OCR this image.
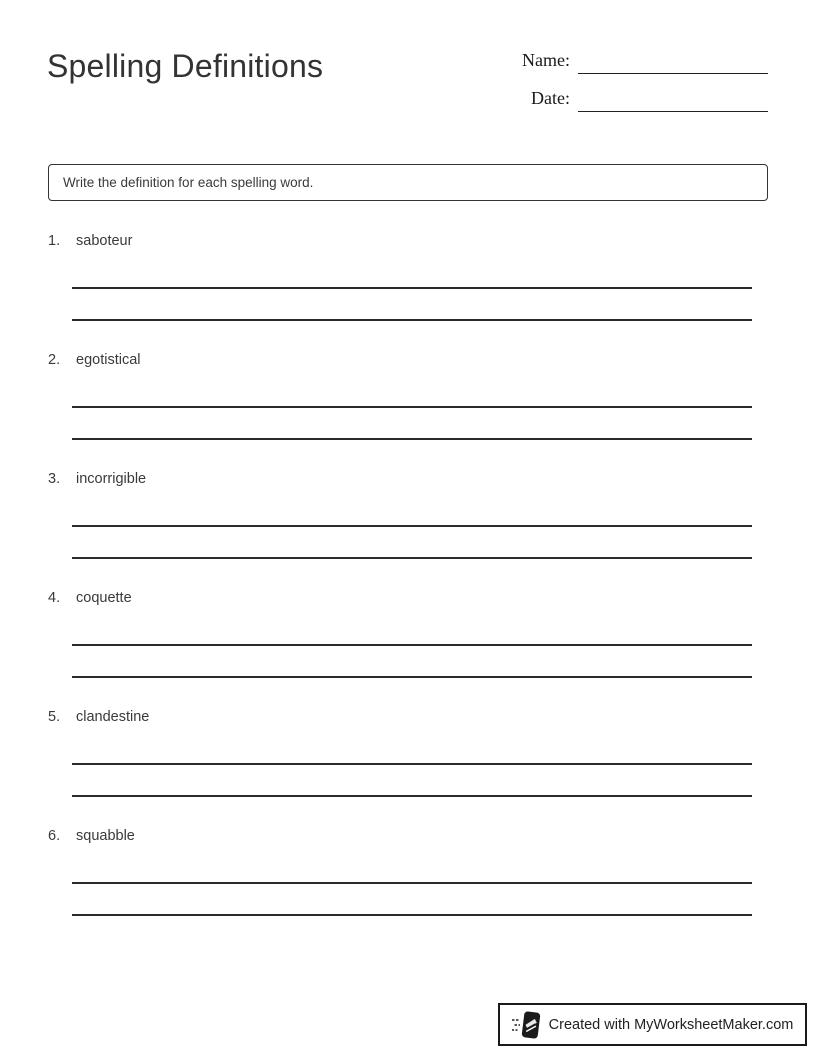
Spelling Definitions	Name:
Date:
Write the definition for each spelling word.
1.	saboteur
2.	egotistical
3.	incorrigible
4.	coquette
5.	clandestine
6.	squabble
Created with MyWorksheetMaker.com
